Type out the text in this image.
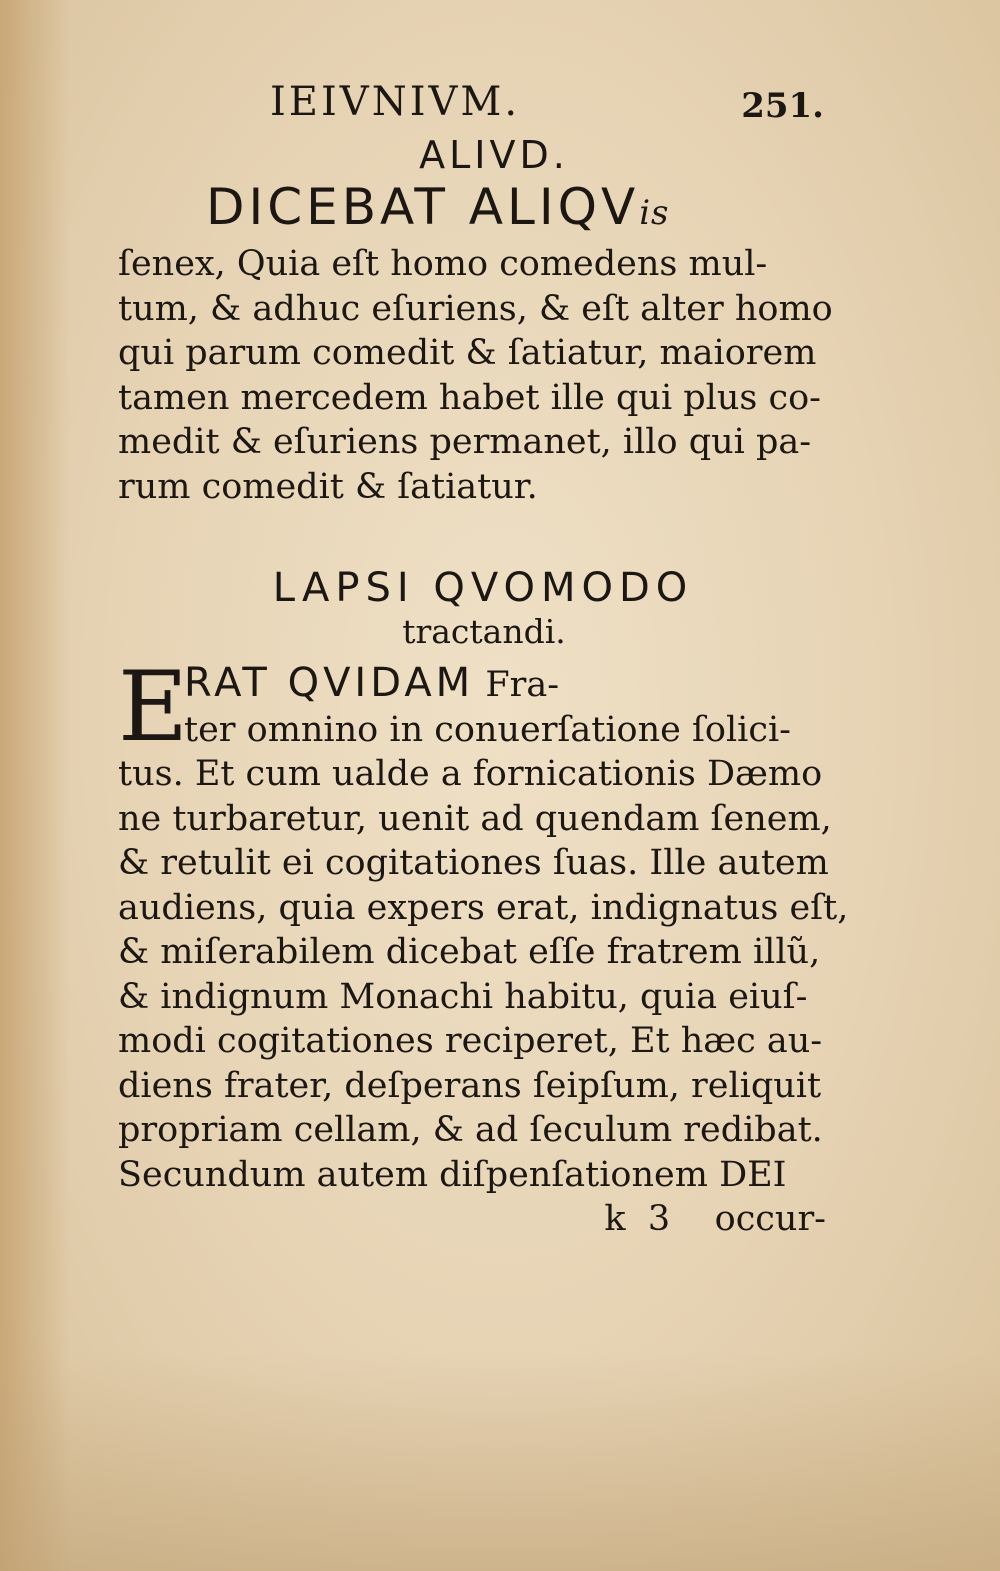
IEIVNIVM.	251.
ALIVD.
DICEBAT ALIQVis
ſenex, Quia eſt homo comedens mul-
tum, & adhuc eſuriens, & eſt alter homo
qui parum comedit & ſatiatur, maiorem
tamen mercedem habet ille qui plus co-
medit & eſuriens permanet, illo qui pa-
rum comedit & ſatiatur.
LAPSI QVOMODO
tractandi.
E
RAT QVIDAM Fra-
ter omnino in conuerſatione ſolici-
tus. Et cum ualde a fornicationis Dæmo
ne turbaretur, uenit ad quendam ſenem,
& retulit ei cogitationes ſuas. Ille autem
audiens, quia expers erat, indignatus eſt,
& miſerabilem dicebat eſſe fratrem illũ,
& indignum Monachi habitu, quia eiuſ-
modi cogitationes reciperet, Et hæc au-
diens frater, deſperans ſeipſum, reliquit
propriam cellam, & ad ſeculum redibat.
Secundum autem diſpenſationem DEI
k  3 occur-
